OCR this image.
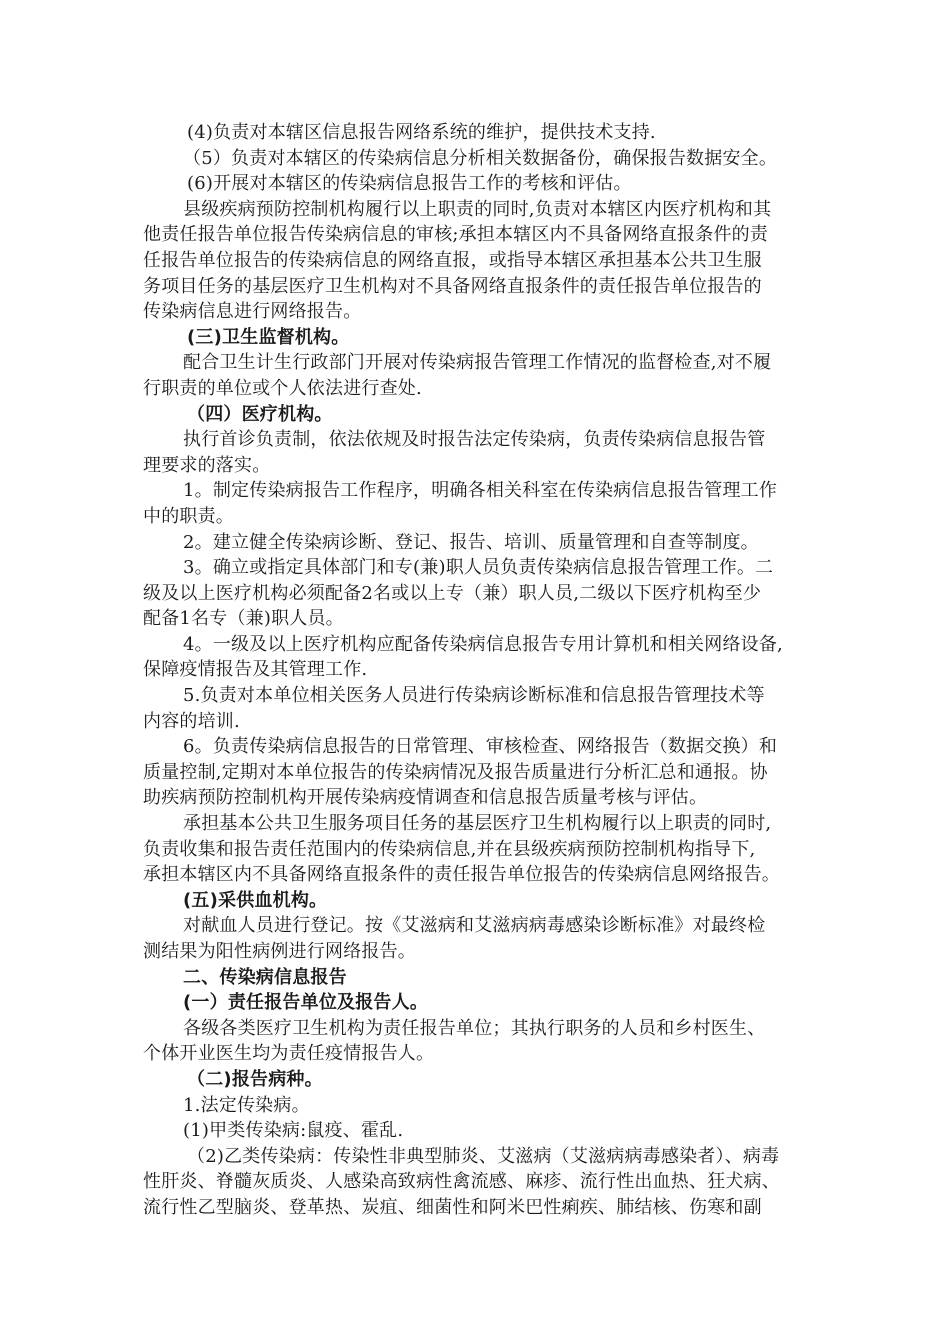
(4)负责对本辖区信息报告网络系统的维护，提供技术支持.
（5）负责对本辖区的传染病信息分析相关数据备份，确保报告数据安全。
(6)开展对本辖区的传染病信息报告工作的考核和评估。
县级疾病预防控制机构履行以上职责的同时,负责对本辖区内医疗机构和其
他责任报告单位报告传染病信息的审核;承担本辖区内不具备网络直报条件的责
任报告单位报告的传染病信息的网络直报，或指导本辖区承担基本公共卫生服
务项目任务的基层医疗卫生机构对不具备网络直报条件的责任报告单位报告的
传染病信息进行网络报告。
(三)卫生监督机构。
配合卫生计生行政部门开展对传染病报告管理工作情况的监督检查,对不履
行职责的单位或个人依法进行查处.
（四）医疗机构。
执行首诊负责制，依法依规及时报告法定传染病，负责传染病信息报告管
理要求的落实。
1。制定传染病报告工作程序，明确各相关科室在传染病信息报告管理工作
中的职责。
2。建立健全传染病诊断、登记、报告、培训、质量管理和自查等制度。
3。确立或指定具体部门和专(兼)职人员负责传染病信息报告管理工作。二
级及以上医疗机构必须配备2名或以上专（兼）职人员,二级以下医疗机构至少
配备1名专（兼)职人员。
4。一级及以上医疗机构应配备传染病信息报告专用计算机和相关网络设备,
保障疫情报告及其管理工作.
5.负责对本单位相关医务人员进行传染病诊断标准和信息报告管理技术等
内容的培训.
6。负责传染病信息报告的日常管理、审核检查、网络报告（数据交换）和
质量控制,定期对本单位报告的传染病情况及报告质量进行分析汇总和通报。协
助疾病预防控制机构开展传染病疫情调查和信息报告质量考核与评估。
承担基本公共卫生服务项目任务的基层医疗卫生机构履行以上职责的同时,
负责收集和报告责任范围内的传染病信息,并在县级疾病预防控制机构指导下,
承担本辖区内不具备网络直报条件的责任报告单位报告的传染病信息网络报告。
(五)采供血机构。
对献血人员进行登记。按《艾滋病和艾滋病病毒感染诊断标准》对最终检
测结果为阳性病例进行网络报告。
二、传染病信息报告
(一）责任报告单位及报告人。
各级各类医疗卫生机构为责任报告单位；其执行职务的人员和乡村医生、
个体开业医生均为责任疫情报告人。
（二)报告病种。
1.法定传染病。
(1)甲类传染病:鼠疫、霍乱.
（2)乙类传染病：传染性非典型肺炎、艾滋病（艾滋病病毒感染者）、病毒
性肝炎、脊髓灰质炎、人感染高致病性禽流感、麻疹、流行性出血热、狂犬病、
流行性乙型脑炎、登革热、炭疽、细菌性和阿米巴性痢疾、肺结核、伤寒和副
